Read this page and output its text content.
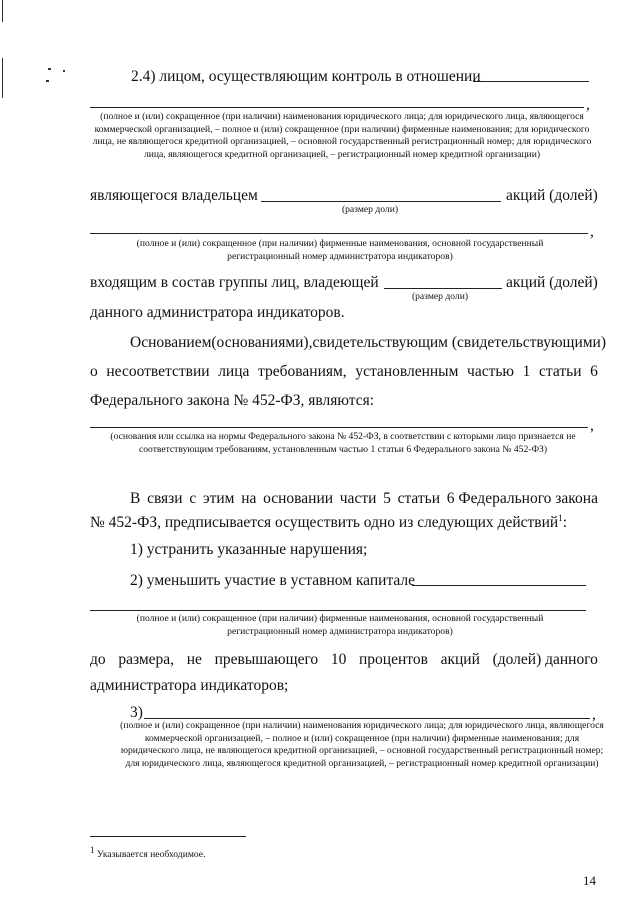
2.4) лицом, осуществляющим контроль в отношении
,
(полное и (или) сокращенное (при наличии) наименования юридического лица; для юридического лица, являющегося коммерческой организацией, – полное и (или) сокращенное (при наличии) фирменные наименования; для юридического лица, не являющегося кредитной организацией, – основной государственный регистрационный номер; для юридического лица, являющегося кредитной организацией, – регистрационный номер кредитной организации)
являющегося владельцем	акций (долей)
(размер доли)
,
(полное и (или) сокращенное (при наличии) фирменные наименования, основной государственный регистрационный номер администратора индикаторов)
входящим в состав группы лиц, владеющей	акций (долей)
(размер доли)
данного администратора индикаторов.
Основанием (основаниями), свидетельствующим (свидетельствующими)
о несоответствии лица требованиям, установленным частью 1 статьи 6
Федерального закона № 452-ФЗ, являются:
,
(основания или ссылка на нормы Федерального закона № 452-ФЗ, в соответствии с которыми лицо признается не соответствующим требованиям, установленным частью 1 статьи 6 Федерального закона № 452-ФЗ)
В связи с этим на основании части 5 статьи 6 Федерального закона
№ 452-ФЗ, предписывается осуществить одно из следующих действий$^1$:
1) устранить указанные нарушения;
2) уменьшить участие в уставном капитале
(полное и (или) сокращенное (при наличии) фирменные наименования, основной государственный регистрационный номер администратора индикаторов)
до размера, не превышающего 10 процентов акций (долей) данного
администратора индикаторов;
3)	,
(полное и (или) сокращенное (при наличии) наименования юридического лица; для юридического лица, являющегося коммерческой организацией, – полное и (или) сокращенное (при наличии) фирменные наименования; для юридического лица, не являющегося кредитной организацией, – основной государственный регистрационный номер; для юридического лица, являющегося кредитной организацией, – регистрационный номер кредитной организации)
$^1$ Указывается необходимое.
14
